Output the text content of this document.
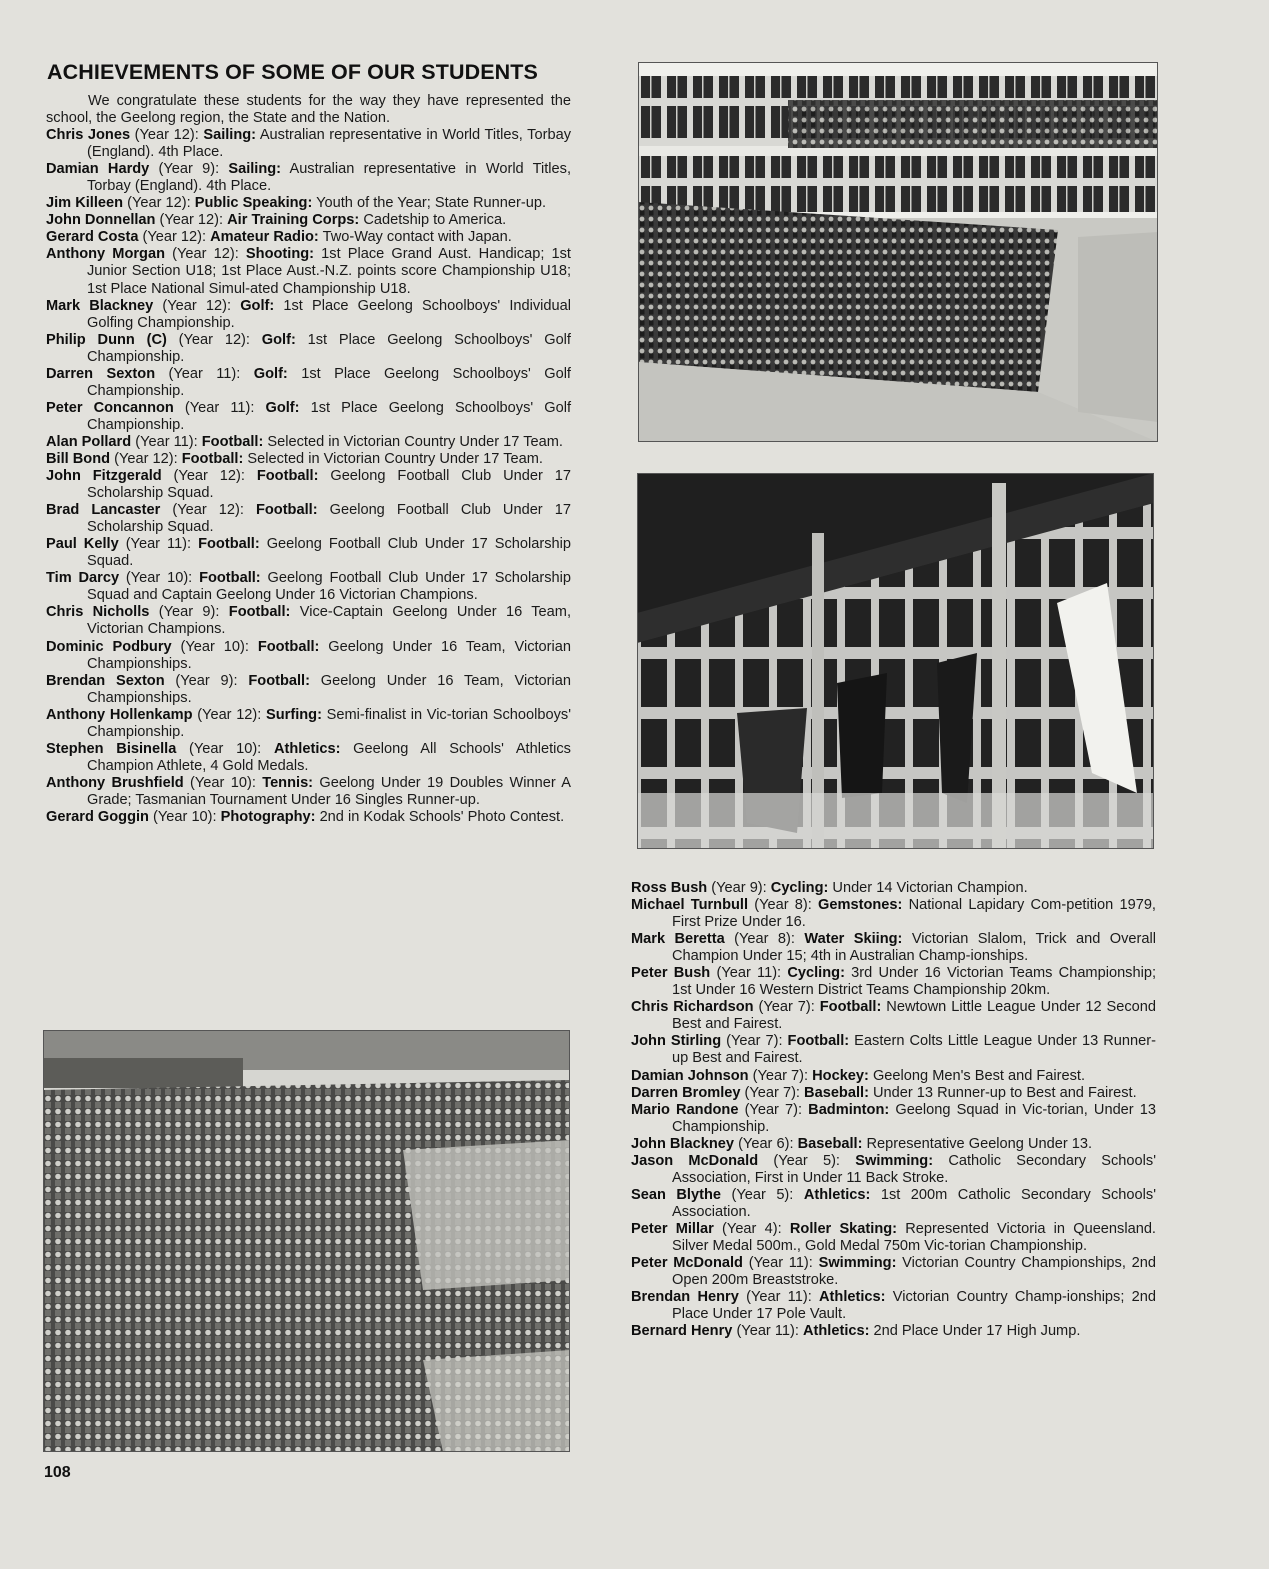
ACHIEVEMENTS OF SOME OF OUR STUDENTS

We congratulate these students for the way they have represented the school, the Geelong region, the State and the Nation.

Chris Jones (Year 12): Sailing: Australian representative in World Titles, Torbay (England). 4th Place.

Damian Hardy (Year 9): Sailing: Australian representative in World Titles, Torbay (England). 4th Place.

Jim Killeen (Year 12): Public Speaking: Youth of the Year; State Runner-up.

John Donnellan (Year 12): Air Training Corps: Cadetship to America.

Gerard Costa (Year 12): Amateur Radio: Two-Way contact with Japan.

Anthony Morgan (Year 12): Shooting: 1st Place Grand Aust. Handicap; 1st Junior Section U18; 1st Place Aust.-N.Z. points score Championship U18; 1st Place National Simul-ated Championship U18.

Mark Blackney (Year 12): Golf: 1st Place Geelong Schoolboys' Individual Golfing Championship.

Philip Dunn (C) (Year 12): Golf: 1st Place Geelong Schoolboys' Golf Championship.

Darren Sexton (Year 11): Golf: 1st Place Geelong Schoolboys' Golf Championship.

Peter Concannon (Year 11): Golf: 1st Place Geelong Schoolboys' Golf Championship.

Alan Pollard (Year 11): Football: Selected in Victorian Country Under 17 Team.

Bill Bond (Year 12): Football: Selected in Victorian Country Under 17 Team.

John Fitzgerald (Year 12): Football: Geelong Football Club Under 17 Scholarship Squad.

Brad Lancaster (Year 12): Football: Geelong Football Club Under 17 Scholarship Squad.

Paul Kelly (Year 11): Football: Geelong Football Club Under 17 Scholarship Squad.

Tim Darcy (Year 10): Football: Geelong Football Club Under 17 Scholarship Squad and Captain Geelong Under 16 Victorian Champions.

Chris Nicholls (Year 9): Football: Vice-Captain Geelong Under 16 Team, Victorian Champions.

Dominic Podbury (Year 10): Football: Geelong Under 16 Team, Victorian Championships.

Brendan Sexton (Year 9): Football: Geelong Under 16 Team, Victorian Championships.

Anthony Hollenkamp (Year 12): Surfing: Semi-finalist in Vic-torian Schoolboys' Championship.

Stephen Bisinella (Year 10): Athletics: Geelong All Schools' Athletics Champion Athlete, 4 Gold Medals.

Anthony Brushfield (Year 10): Tennis: Geelong Under 19 Doubles Winner A Grade; Tasmanian Tournament Under 16 Singles Runner-up.

Gerard Goggin (Year 10): Photography: 2nd in Kodak Schools' Photo Contest.

Ross Bush (Year 9): Cycling: Under 14 Victorian Champion.

Michael Turnbull (Year 8): Gemstones: National Lapidary Com-petition 1979, First Prize Under 16.

Mark Beretta (Year 8): Water Skiing: Victorian Slalom, Trick and Overall Champion Under 15; 4th in Australian Champ-ionships.

Peter Bush (Year 11): Cycling: 3rd Under 16 Victorian Teams Championship; 1st Under 16 Western District Teams Championship 20km.

Chris Richardson (Year 7): Football: Newtown Little League Under 12 Second Best and Fairest.

John Stirling (Year 7): Football: Eastern Colts Little League Under 13 Runner-up Best and Fairest.

Damian Johnson (Year 7): Hockey: Geelong Men's Best and Fairest.

Darren Bromley (Year 7): Baseball: Under 13 Runner-up to Best and Fairest.

Mario Randone (Year 7): Badminton: Geelong Squad in Vic-torian, Under 13 Championship.

John Blackney (Year 6): Baseball: Representative Geelong Under 13.

Jason McDonald (Year 5): Swimming: Catholic Secondary Schools' Association, First in Under 11 Back Stroke.

Sean Blythe (Year 5): Athletics: 1st 200m Catholic Secondary Schools' Association.

Peter Millar (Year 4): Roller Skating: Represented Victoria in Queensland. Silver Medal 500m., Gold Medal 750m Vic-torian Championship.

Peter McDonald (Year 11): Swimming: Victorian Country Championships, 2nd Open 200m Breaststroke.

Brendan Henry (Year 11): Athletics: Victorian Country Champ-ionships; 2nd Place Under 17 Pole Vault.

Bernard Henry (Year 11): Athletics: 2nd Place Under 17 High Jump.

108
